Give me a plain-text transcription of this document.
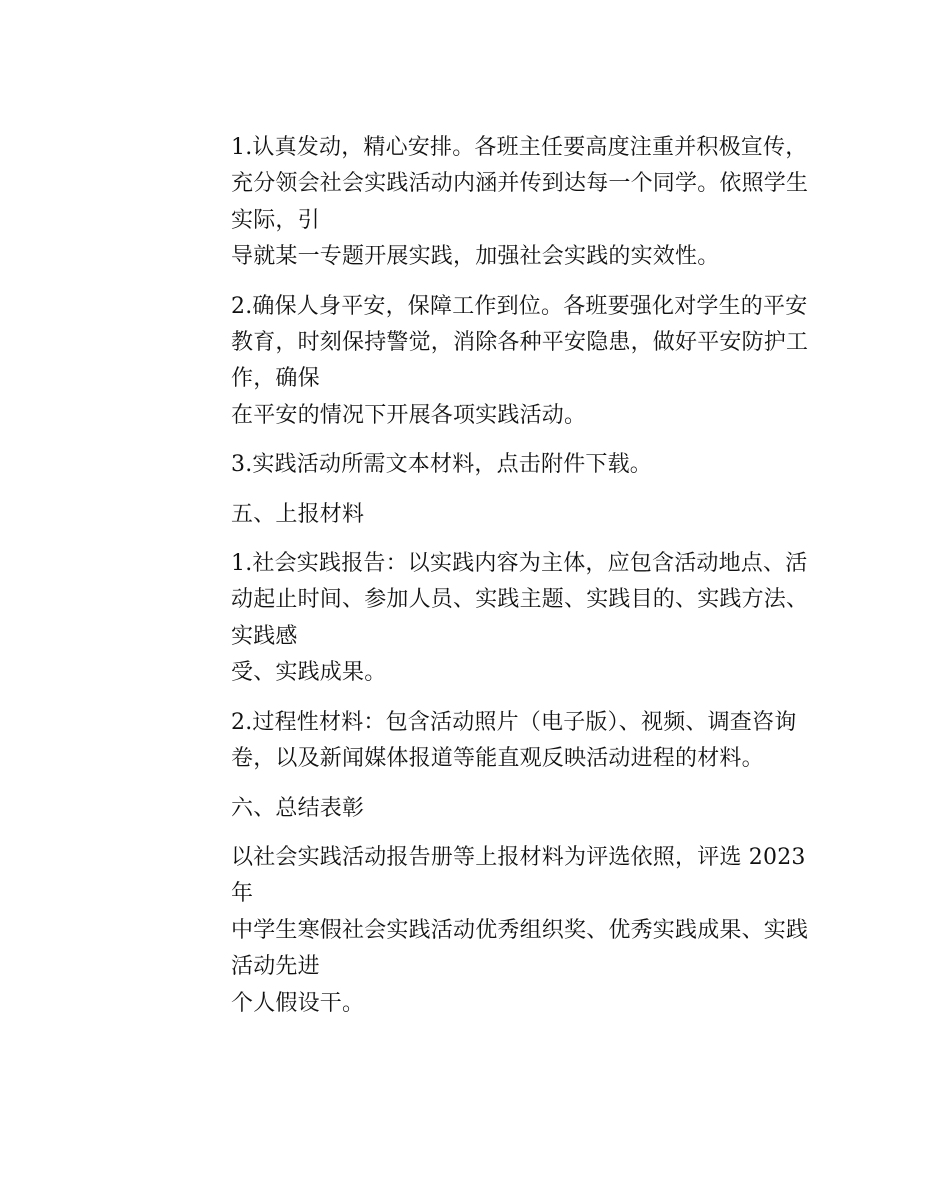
1.认真发动，精心安排。各班主任要高度注重并积极宣传，
充分领会社会实践活动内涵并传到达每一个同学。依照学生实际，引
导就某一专题开展实践，加强社会实践的实效性。

2.确保人身平安，保障工作到位。各班要强化对学生的平安
教育，时刻保持警觉，消除各种平安隐患，做好平安防护工作，确保
在平安的情况下开展各项实践活动。

3.实践活动所需文本材料，点击附件下载。

五、上报材料

1.社会实践报告：以实践内容为主体，应包含活动地点、活
动起止时间、参加人员、实践主题、实践目的、实践方法、实践感
受、实践成果。

2.过程性材料：包含活动照片（电子版）、视频、调查咨询
卷，以及新闻媒体报道等能直观反映活动进程的材料。

六、总结表彰

以社会实践活动报告册等上报材料为评选依照，评选 2023 年
中学生寒假社会实践活动优秀组织奖、优秀实践成果、实践活动先进
个人假设干。
